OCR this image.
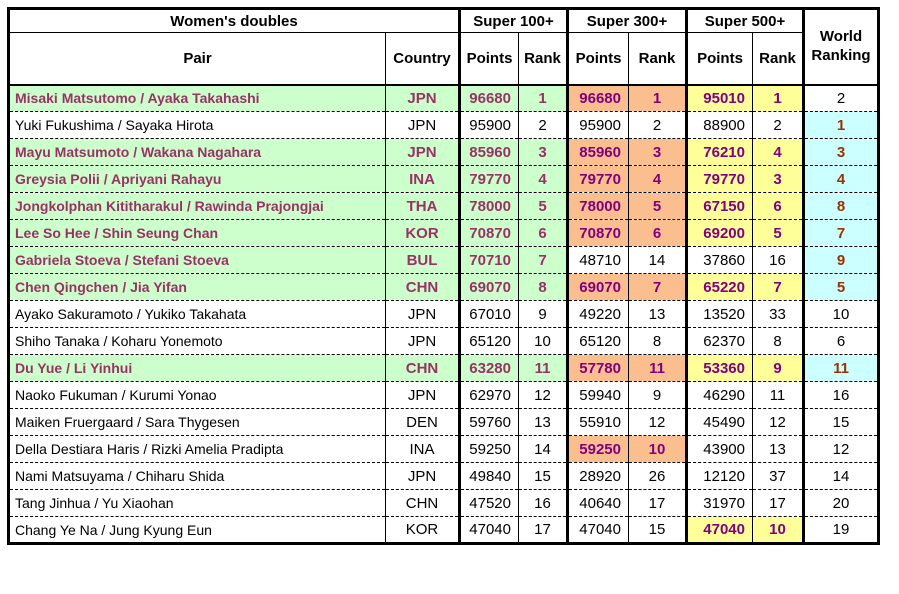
Women's doubles		Super 100+		Super 300+		Super 500+		World Ranking
Pair	Country	Points	Rank	Points	Rank	Points	Rank	
Misaki Matsutomo / Ayaka Takahashi	JPN	96680	1	96680	1	95010	1	2
Yuki Fukushima / Sayaka Hirota	JPN	95900	2	95900	2	88900	2	1
Mayu Matsumoto / Wakana Nagahara	JPN	85960	3	85960	3	76210	4	3
Greysia Polii / Apriyani Rahayu	INA	79770	4	79770	4	79770	3	4
Jongkolphan Kititharakul / Rawinda Prajongjai	THA	78000	5	78000	5	67150	6	8
Lee So Hee / Shin Seung Chan	KOR	70870	6	70870	6	69200	5	7
Gabriela Stoeva / Stefani Stoeva	BUL	70710	7	48710	14	37860	16	9
Chen Qingchen / Jia Yifan	CHN	69070	8	69070	7	65220	7	5
Ayako Sakuramoto / Yukiko Takahata	JPN	67010	9	49220	13	13520	33	10
Shiho Tanaka / Koharu Yonemoto	JPN	65120	10	65120	8	62370	8	6
Du Yue / Li Yinhui	CHN	63280	11	57780	11	53360	9	11
Naoko Fukuman / Kurumi Yonao	JPN	62970	12	59940	9	46290	11	16
Maiken Fruergaard / Sara Thygesen	DEN	59760	13	55910	12	45490	12	15
Della Destiara Haris / Rizki Amelia Pradipta	INA	59250	14	59250	10	43900	13	12
Nami Matsuyama / Chiharu Shida	JPN	49840	15	28920	26	12120	37	14
Tang Jinhua / Yu Xiaohan	CHN	47520	16	40640	17	31970	17	20
Chang Ye Na / Jung Kyung Eun	KOR	47040	17	47040	15	47040	10	19
